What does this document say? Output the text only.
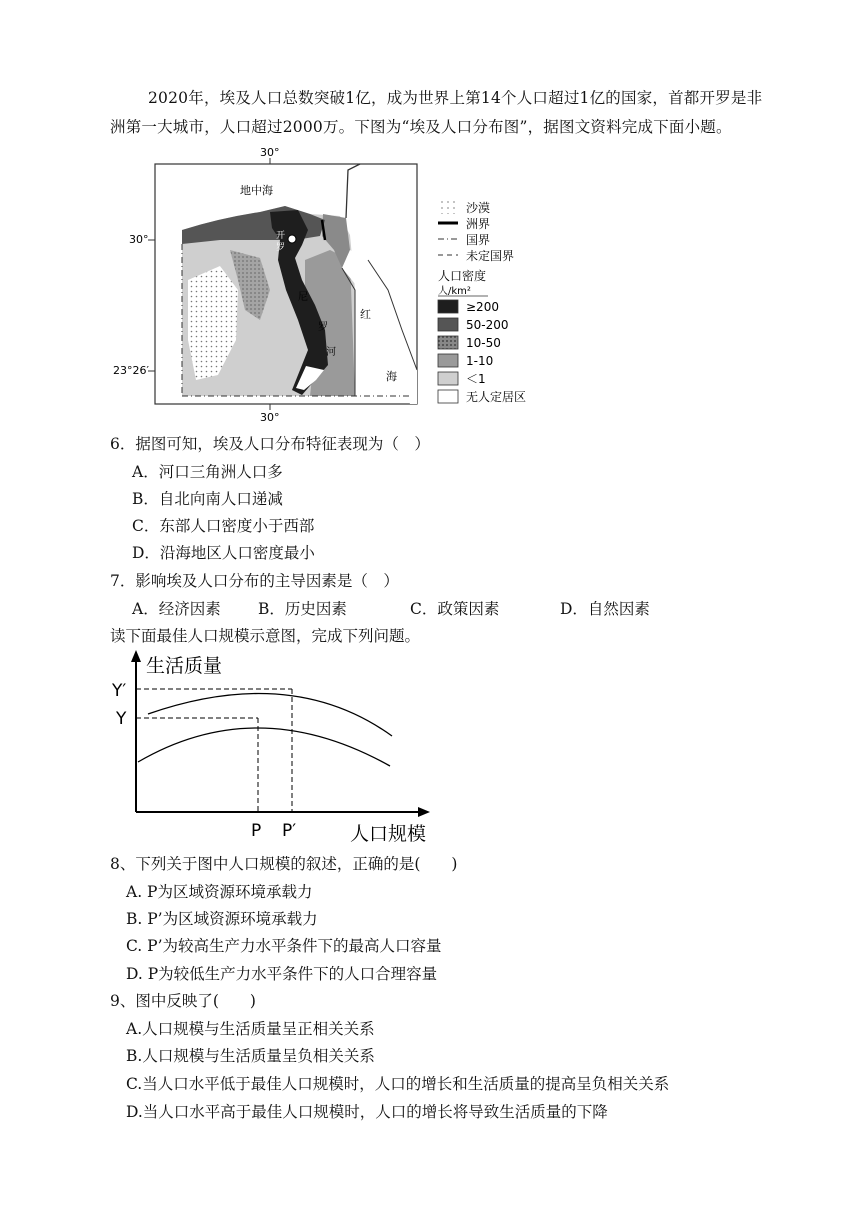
2020年，埃及人口总数突破1亿，成为世界上第14个人口超过1亿的国家，首都开罗是非洲第一大城市，人口超过2000万。下图为“埃及人口分布图”，据图文资料完成下面小题。
30°
30°
23°26′
30°
开
罗
地中海
尼
罗
河
红
海
沙漠
洲界
国界
未定国界
人口密度
人/km²
≥200
50-200
10-50
1-10
＜1
无人定居区
6．据图可知，埃及人口分布特征表现为（　）
A．河口三角洲人口多
B．自北向南人口递减
C．东部人口密度小于西部
D．沿海地区人口密度最小
7．影响埃及人口分布的主导因素是（　）
A．经济因素 B．历史因素	C．政策因素	D．自然因素
读下面最佳人口规模示意图，完成下列问题。
生活质量
Y′
Y
P P′	人口规模
8、下列关于图中人口规模的叙述，正确的是(　　)
A. P为区域资源环境承载力
B. P’为区域资源环境承载力
C. P’为较高生产力水平条件下的最高人口容量
D. P为较低生产力水平条件下的人口合理容量
9、图中反映了(　　)
A.人口规模与生活质量呈正相关关系
B.人口规模与生活质量呈负相关关系
C.当人口水平低于最佳人口规模时，人口的增长和生活质量的提高呈负相关关系
D.当人口水平高于最佳人口规模时，人口的增长将导致生活质量的下降
